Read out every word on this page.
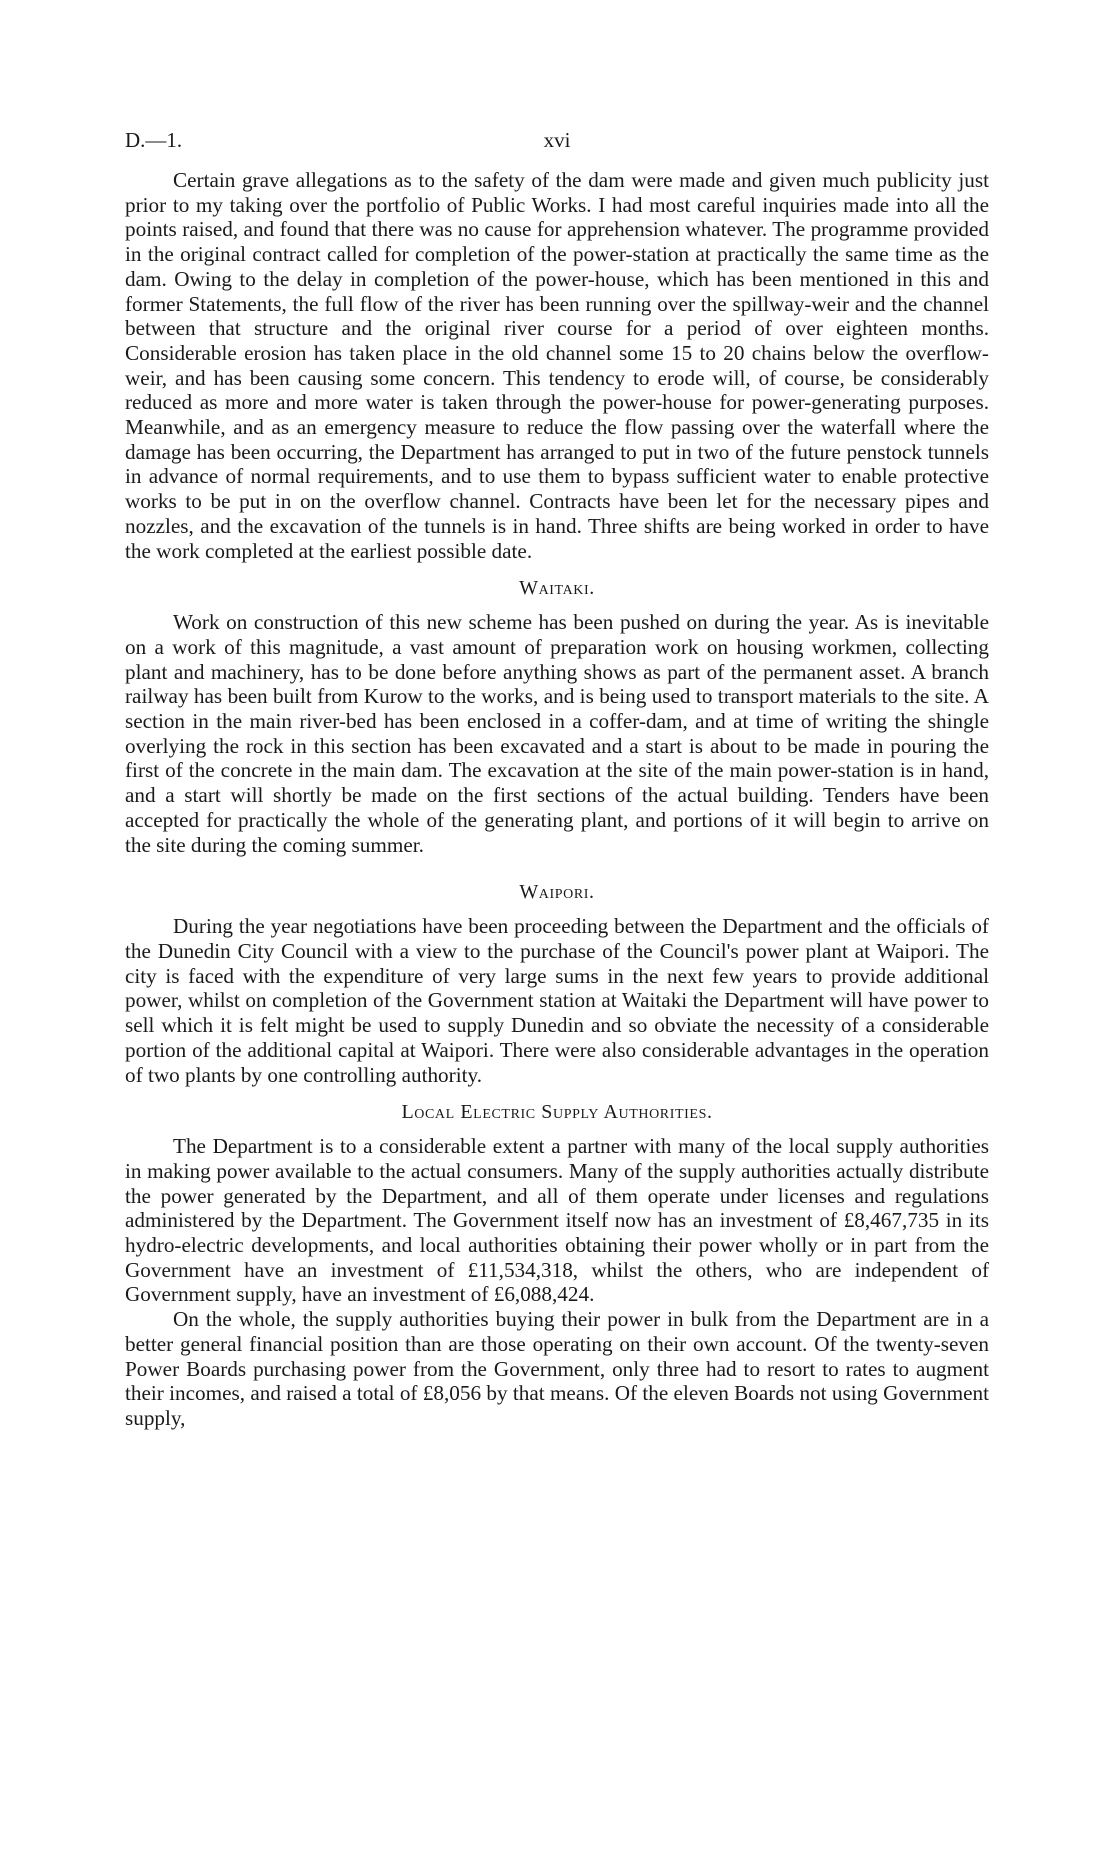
D.—1.	xvi

Certain grave allegations as to the safety of the dam were made and given much publicity just prior to my taking over the portfolio of Public Works. I had most careful inquiries made into all the points raised, and found that there was no cause for apprehension whatever. The programme provided in the original contract called for completion of the power-station at practically the same time as the dam. Owing to the delay in completion of the power-house, which has been mentioned in this and former Statements, the full flow of the river has been running over the spillway-weir and the channel between that structure and the original river course for a period of over eighteen months. Considerable erosion has taken place in the old channel some 15 to 20 chains below the overflow-weir, and has been causing some concern. This tendency to erode will, of course, be considerably reduced as more and more water is taken through the power-house for power-generating purposes. Meanwhile, and as an emergency measure to reduce the flow passing over the waterfall where the damage has been occurring, the Department has arranged to put in two of the future penstock tunnels in advance of normal requirements, and to use them to bypass sufficient water to enable protective works to be put in on the overflow channel. Contracts have been let for the necessary pipes and nozzles, and the excavation of the tunnels is in hand. Three shifts are being worked in order to have the work completed at the earliest possible date.

Waitaki.

Work on construction of this new scheme has been pushed on during the year. As is inevitable on a work of this magnitude, a vast amount of preparation work on housing workmen, collecting plant and machinery, has to be done before anything shows as part of the permanent asset. A branch railway has been built from Kurow to the works, and is being used to transport materials to the site. A section in the main river-bed has been enclosed in a coffer-dam, and at time of writing the shingle overlying the rock in this section has been excavated and a start is about to be made in pouring the first of the concrete in the main dam. The excavation at the site of the main power-station is in hand, and a start will shortly be made on the first sections of the actual building. Tenders have been accepted for practically the whole of the generating plant, and portions of it will begin to arrive on the site during the coming summer.

Waipori.

During the year negotiations have been proceeding between the Department and the officials of the Dunedin City Council with a view to the purchase of the Council's power plant at Waipori. The city is faced with the expenditure of very large sums in the next few years to provide additional power, whilst on completion of the Government station at Waitaki the Department will have power to sell which it is felt might be used to supply Dunedin and so obviate the necessity of a considerable portion of the additional capital at Waipori. There were also considerable advantages in the operation of two plants by one controlling authority.

Local Electric Supply Authorities.

The Department is to a considerable extent a partner with many of the local supply authorities in making power available to the actual consumers. Many of the supply authorities actually distribute the power generated by the Department, and all of them operate under licenses and regulations administered by the Department. The Government itself now has an investment of £8,467,735 in its hydro-electric developments, and local authorities obtaining their power wholly or in part from the Government have an investment of £11,534,318, whilst the others, who are independent of Government supply, have an investment of £6,088,424.

On the whole, the supply authorities buying their power in bulk from the Department are in a better general financial position than are those operating on their own account. Of the twenty-seven Power Boards purchasing power from the Government, only three had to resort to rates to augment their incomes, and raised a total of £8,056 by that means. Of the eleven Boards not using Government supply,
